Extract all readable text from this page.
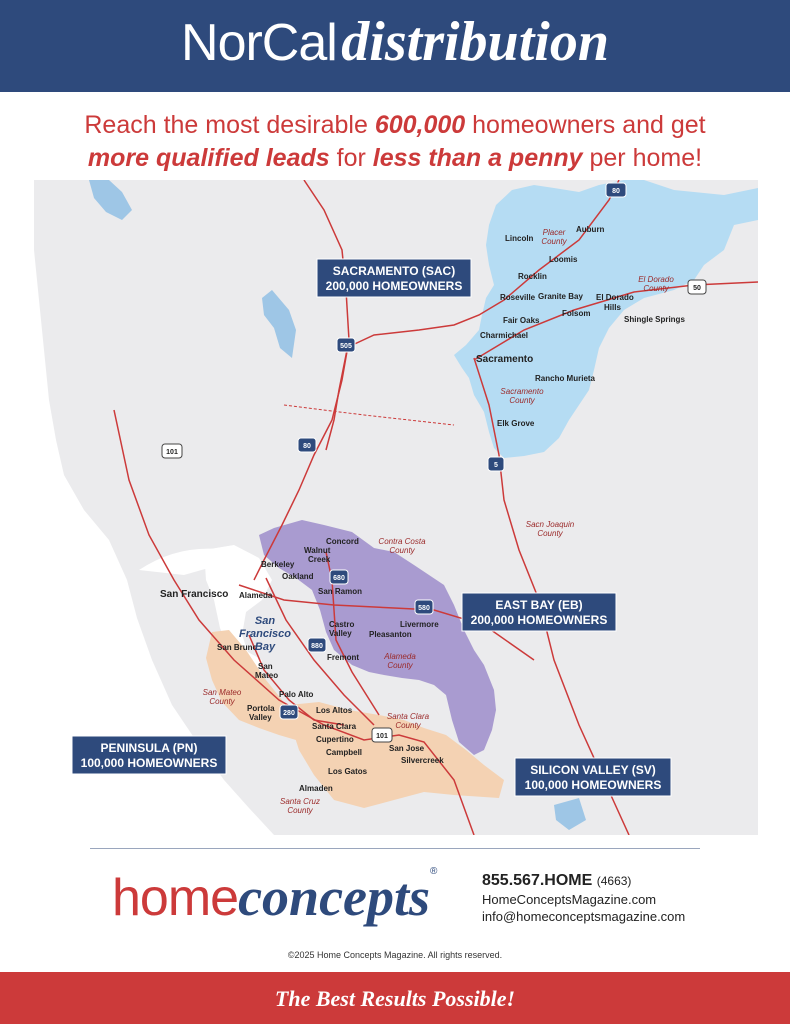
NorCal distribution
Reach the most desirable 600,000 homeowners and get
more qualified leads for less than a penny per home!
80
50
505
80
5
101
680
580
880
280
101
SACRAMENTO (SAC)
200,000 HOMEOWNERS
EAST BAY (EB)
200,000 HOMEOWNERS
PENINSULA (PN)
100,000 HOMEOWNERS	SILICON VALLEY (SV)
100,000 HOMEOWNERS
Lincoln
Auburn
Loomis
Rocklin
Roseville Granite Bay El Dorado
Hills
Folsom
Fair Oaks	Shingle Springs
Charmichael
Sacramento
Rancho Murieta
Elk Grove
Concord
Walnut
Creek
Berkeley
Oakland
San Francisco Alameda	San Ramon
Castro
Valley Pleasanton
Livermore
Fremont
San Bruno
San
Mateo
Palo Alto
Portola
Valley
Los Altos
Santa Clara
Cupertino
Campbell	San Jose
Silvercreek
Los Gatos
Almaden
Placer
County
El Dorado
County
Sacramento
County
Sacn Joaquin
County
Contra Costa
County
Alameda
County
San Mateo
County
Santa Clara
County
Santa Cruz
County
San
Francisco
Bay
homeconcepts®
855.567.HOME (4663)
HomeConceptsMagazine.com
info@homeconceptsmagazine.com
©2025 Home Concepts Magazine. All rights reserved.
The Best Results Possible!
